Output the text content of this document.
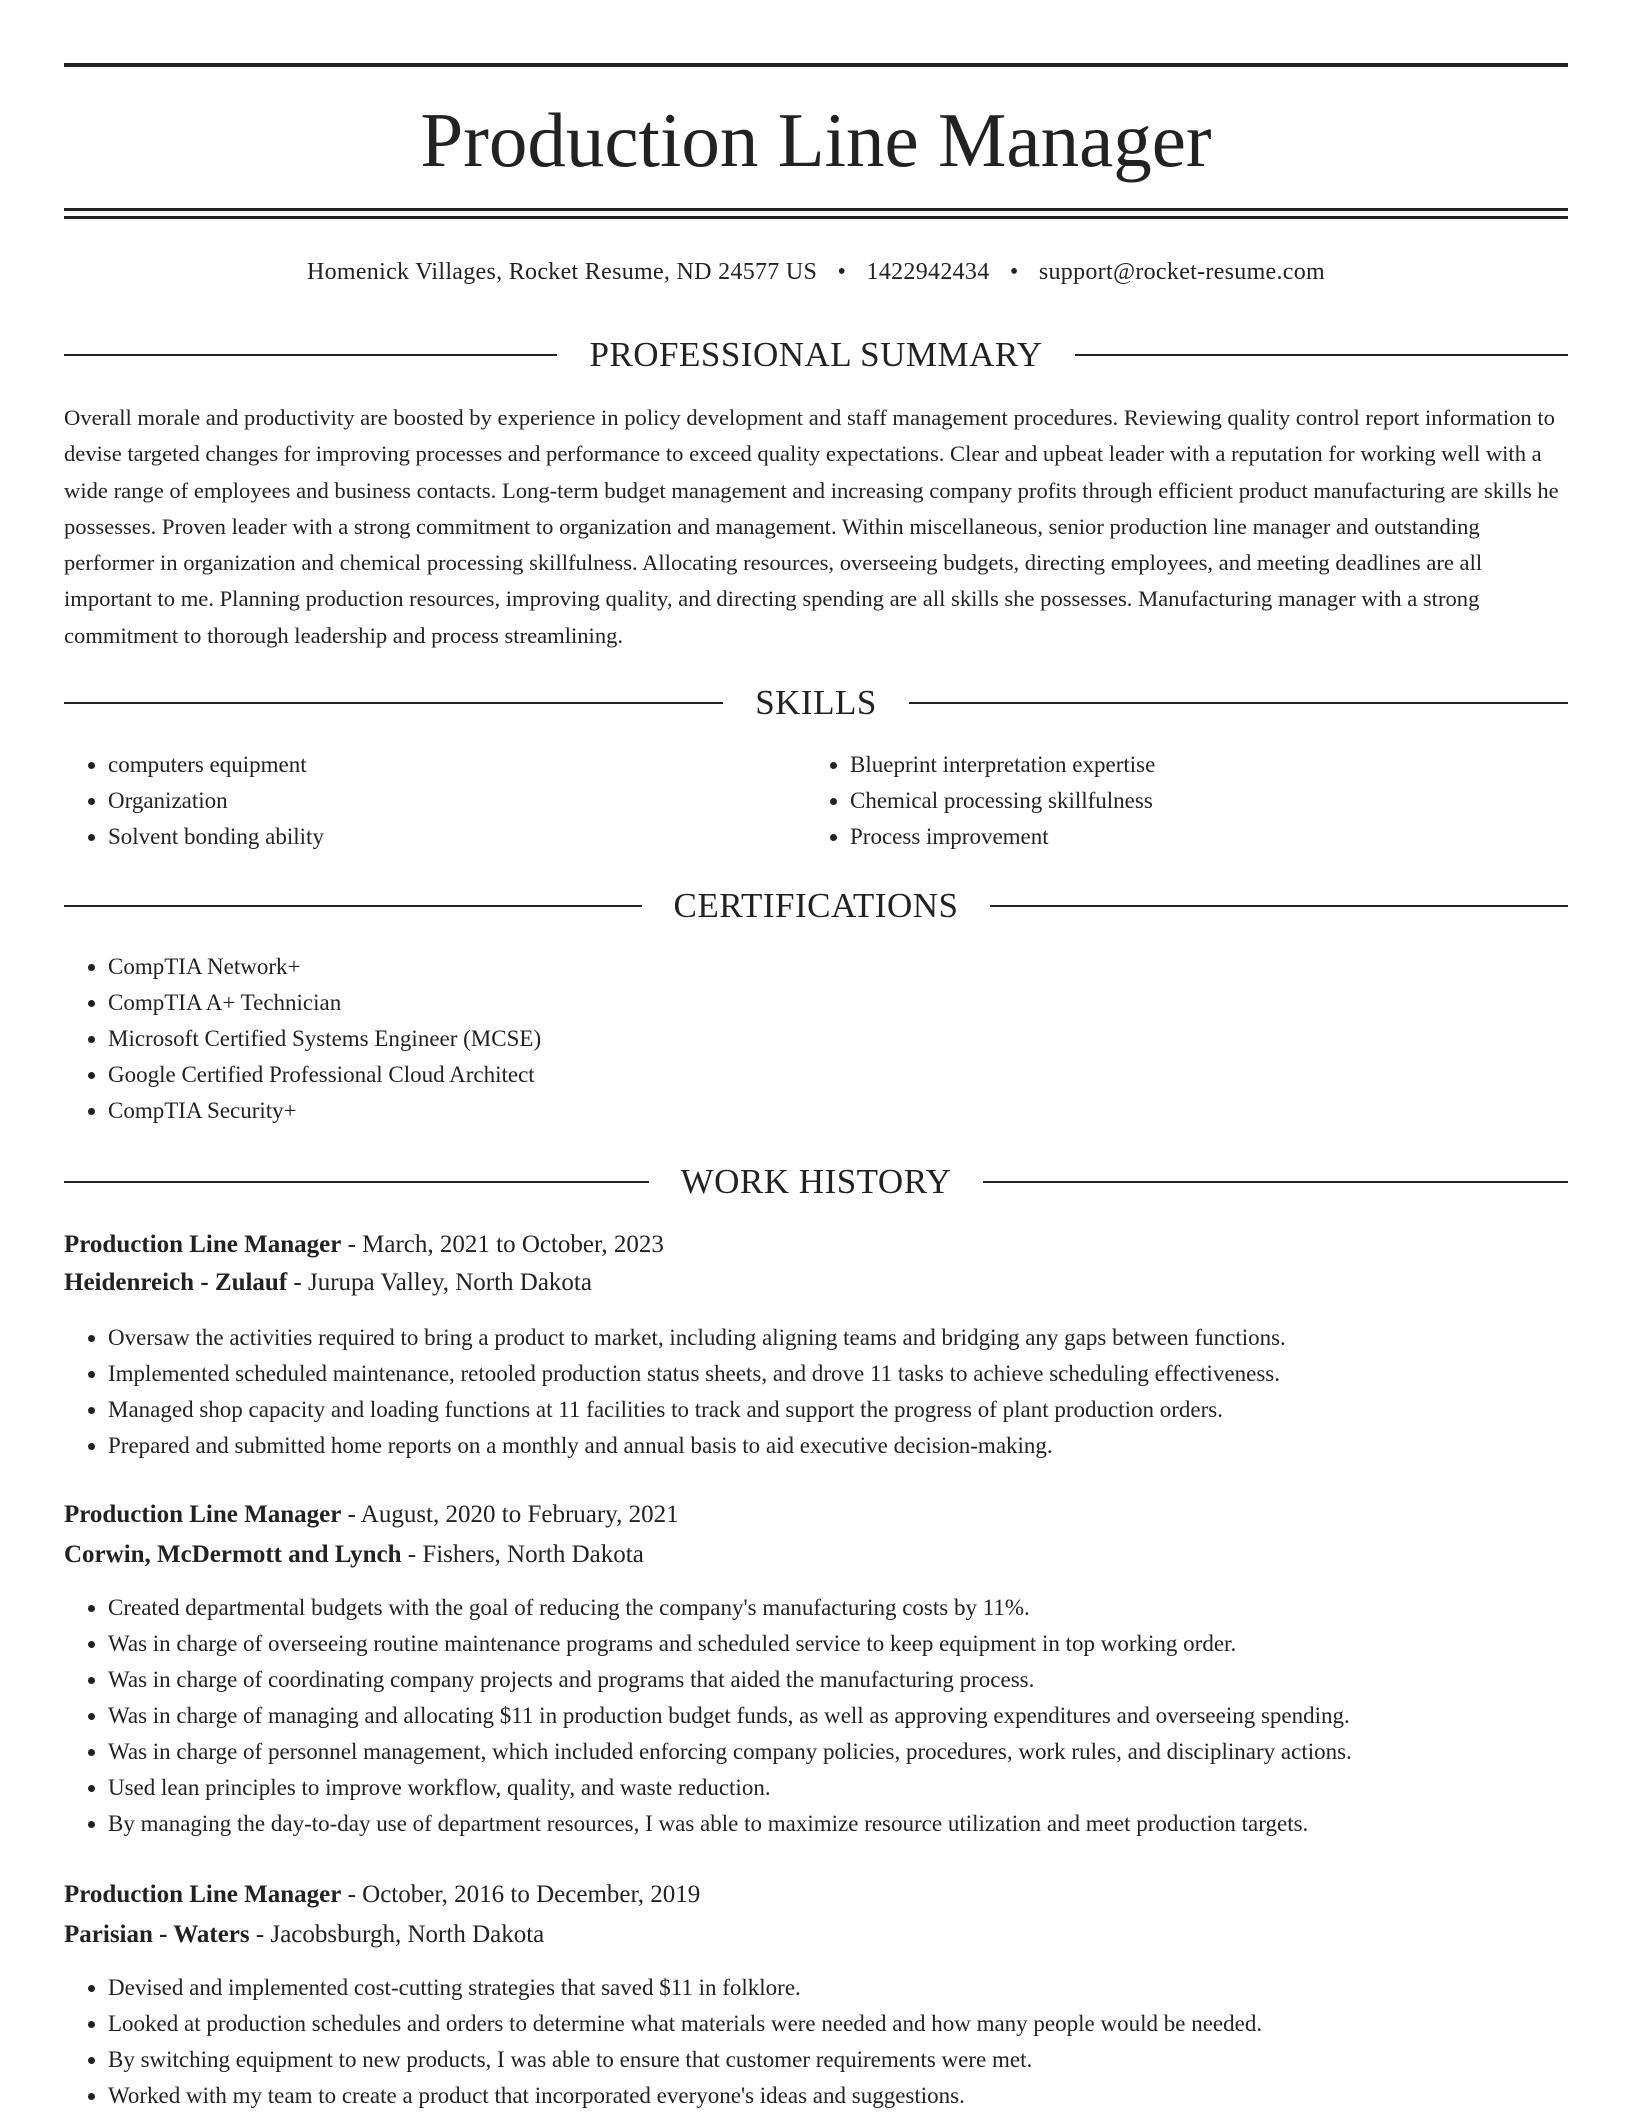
Production Line Manager
Homenick Villages, Rocket Resume, ND 24577 US • 1422942434 • support@rocket-resume.com
PROFESSIONAL SUMMARY

Overall morale and productivity are boosted by experience in policy development and staff management procedures. Reviewing quality control report information to devise targeted changes for improving processes and performance to exceed quality expectations. Clear and upbeat leader with a reputation for working well with a wide range of employees and business contacts. Long-term budget management and increasing company profits through efficient product manufacturing are skills he possesses. Proven leader with a strong commitment to organization and management. Within miscellaneous, senior production line manager and outstanding performer in organization and chemical processing skillfulness. Allocating resources, overseeing budgets, directing employees, and meeting deadlines are all important to me. Planning production resources, improving quality, and directing spending are all skills she possesses. Manufacturing manager with a strong commitment to thorough leadership and process streamlining.

SKILLS
• computers equipment
• Organization
• Solvent bonding ability
• Blueprint interpretation expertise
• Chemical processing skillfulness
• Process improvement
CERTIFICATIONS
• CompTIA Network+
• CompTIA A+ Technician
• Microsoft Certified Systems Engineer (MCSE)
• Google Certified Professional Cloud Architect
• CompTIA Security+
WORK HISTORY
Production Line Manager - March, 2021 to October, 2023
Heidenreich - Zulauf - Jurupa Valley, North Dakota
• Oversaw the activities required to bring a product to market, including aligning teams and bridging any gaps between functions.
• Implemented scheduled maintenance, retooled production status sheets, and drove 11 tasks to achieve scheduling effectiveness.
• Managed shop capacity and loading functions at 11 facilities to track and support the progress of plant production orders.
• Prepared and submitted home reports on a monthly and annual basis to aid executive decision-making.
Production Line Manager - August, 2020 to February, 2021
Corwin, McDermott and Lynch - Fishers, North Dakota
• Created departmental budgets with the goal of reducing the company's manufacturing costs by 11%.
• Was in charge of overseeing routine maintenance programs and scheduled service to keep equipment in top working order.
• Was in charge of coordinating company projects and programs that aided the manufacturing process.
• Was in charge of managing and allocating $11 in production budget funds, as well as approving expenditures and overseeing spending.
• Was in charge of personnel management, which included enforcing company policies, procedures, work rules, and disciplinary actions.
• Used lean principles to improve workflow, quality, and waste reduction.
• By managing the day-to-day use of department resources, I was able to maximize resource utilization and meet production targets.
Production Line Manager - October, 2016 to December, 2019
Parisian - Waters - Jacobsburgh, North Dakota
• Devised and implemented cost-cutting strategies that saved $11 in folklore.
• Looked at production schedules and orders to determine what materials were needed and how many people would be needed.
• By switching equipment to new products, I was able to ensure that customer requirements were met.
• Worked with my team to create a product that incorporated everyone's ideas and suggestions.
